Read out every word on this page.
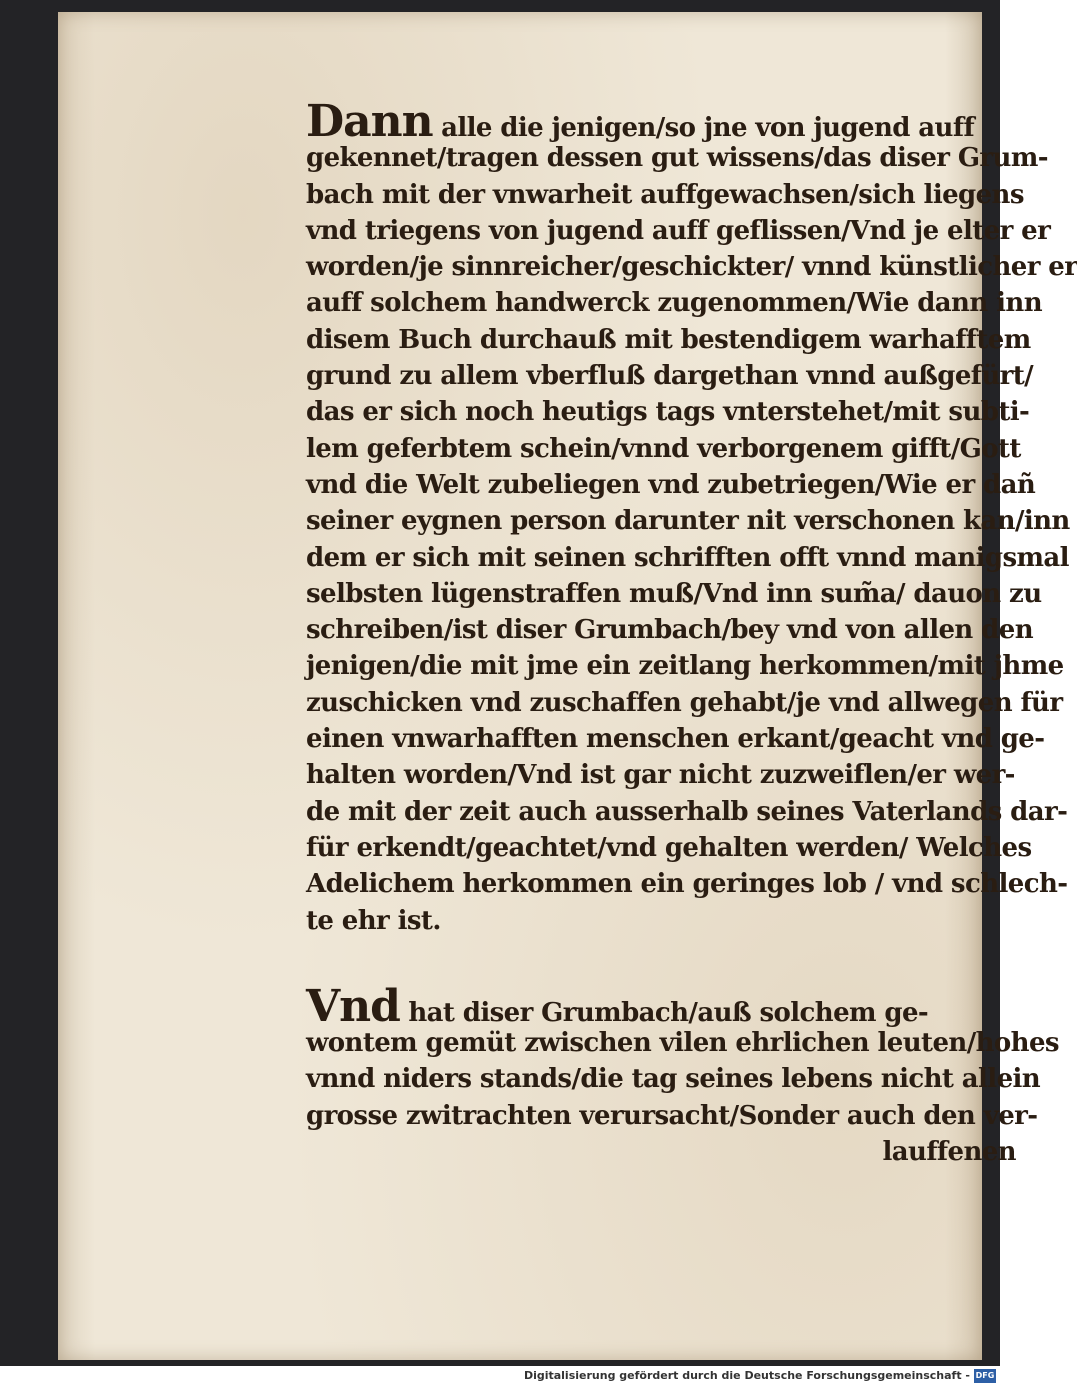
Dann alle die jenigen/so jne von jugend auff
gekennet/tragen dessen gut wissens/das diser Grum-
bach mit der vnwarheit auffgewachsen/sich liegens
vnd triegens von jugend auff geflissen/Vnd je elter er
worden/je sinnreicher/geschickter/ vnnd künstlicher er
auff solchem handwerck zugenommen/Wie dann inn
disem Buch durchauß mit bestendigem warhafftem
grund zu allem vberfluß dargethan vnnd außgefürt/
das er sich noch heutigs tags vnterstehet/mit subti-
lem geferbtem schein/vnnd verborgenem gifft/Gott
vnd die Welt zubeliegen vnd zubetriegen/Wie er dañ
seiner eygnen person darunter nit verschonen kan/inn
dem er sich mit seinen schrifften offt vnnd manigsmal
selbsten lügenstraffen muß/Vnd inn sum̃a/ dauon zu
schreiben/ist diser Grumbach/bey vnd von allen den
jenigen/die mit jme ein zeitlang herkommen/mit jhme
zuschicken vnd zuschaffen gehabt/je vnd allwegen für
einen vnwarhafften menschen erkant/geacht vnd ge-
halten worden/Vnd ist gar nicht zuzweiflen/er wer-
de mit der zeit auch ausserhalb seines Vaterlands dar-
für erkendt/geachtet/vnd gehalten werden/ Welches
Adelichem herkommen ein geringes lob / vnd schlech-
te ehr ist.
Vnd hat diser Grumbach/auß solchem ge-
wontem gemüt zwischen vilen ehrlichen leuten/hohes
vnnd niders stands/die tag seines lebens nicht allein
grosse zwitrachten verursacht/Sonder auch den ver-
lauffenen
Digitalisierung gefördert durch die Deutsche Forschungsgemeinschaft - DFG
